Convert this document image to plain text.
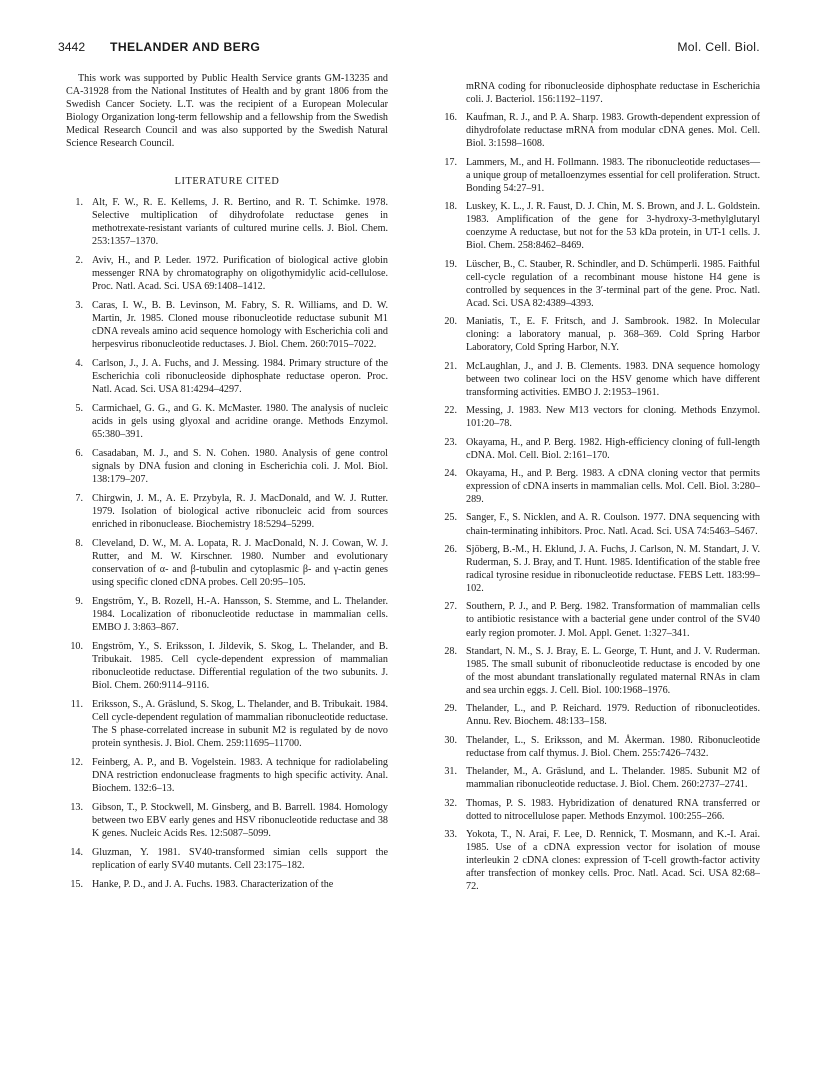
3442 THELANDER AND BERG	Mol. Cell. Biol.

This work was supported by Public Health Service grants GM-13235 and CA-31928 from the National Institutes of Health and by grant 1806 from the Swedish Cancer Society. L.T. was the recipient of a European Molecular Biology Organization long-term fellowship and a fellowship from the Swedish Medical Research Council and was also supported by the Swedish Natural Science Research Council.

LITERATURE CITED
1. Alt, F. W., R. E. Kellems, J. R. Bertino, and R. T. Schimke. 1978. Selective multiplication of dihydrofolate reductase genes in methotrexate-resistant variants of cultured murine cells. J. Biol. Chem. 253:1357–1370.
2. Aviv, H., and P. Leder. 1972. Purification of biological active globin messenger RNA by chromatography on oligothymidylic acid-cellulose. Proc. Natl. Acad. Sci. USA 69:1408–1412.
3. Caras, I. W., B. B. Levinson, M. Fabry, S. R. Williams, and D. W. Martin, Jr. 1985. Cloned mouse ribonucleotide reductase subunit M1 cDNA reveals amino acid sequence homology with Escherichia coli and herpesvirus ribonucleotide reductases. J. Biol. Chem. 260:7015–7022.
4. Carlson, J., J. A. Fuchs, and J. Messing. 1984. Primary structure of the Escherichia coli ribonucleoside diphosphate reductase operon. Proc. Natl. Acad. Sci. USA 81:4294–4297.
5. Carmichael, G. G., and G. K. McMaster. 1980. The analysis of nucleic acids in gels using glyoxal and acridine orange. Methods Enzymol. 65:380–391.
6. Casadaban, M. J., and S. N. Cohen. 1980. Analysis of gene control signals by DNA fusion and cloning in Escherichia coli. J. Mol. Biol. 138:179–207.
7. Chirgwin, J. M., A. E. Przybyla, R. J. MacDonald, and W. J. Rutter. 1979. Isolation of biological active ribonucleic acid from sources enriched in ribonuclease. Biochemistry 18:5294–5299.
8. Cleveland, D. W., M. A. Lopata, R. J. MacDonald, N. J. Cowan, W. J. Rutter, and M. W. Kirschner. 1980. Number and evolutionary conservation of α- and β-tubulin and cytoplasmic β- and γ-actin genes using specific cloned cDNA probes. Cell 20:95–105.
9. Engström, Y., B. Rozell, H.-A. Hansson, S. Stemme, and L. Thelander. 1984. Localization of ribonucleotide reductase in mammalian cells. EMBO J. 3:863–867.
10. Engström, Y., S. Eriksson, I. Jildevik, S. Skog, L. Thelander, and B. Tribukait. 1985. Cell cycle-dependent expression of mammalian ribonucleotide reductase. Differential regulation of the two subunits. J. Biol. Chem. 260:9114–9116.
11. Eriksson, S., A. Gräslund, S. Skog, L. Thelander, and B. Tribukait. 1984. Cell cycle-dependent regulation of mammalian ribonucleotide reductase. The S phase-correlated increase in subunit M2 is regulated by de novo protein synthesis. J. Biol. Chem. 259:11695–11700.
12. Feinberg, A. P., and B. Vogelstein. 1983. A technique for radiolabeling DNA restriction endonuclease fragments to high specific activity. Anal. Biochem. 132:6–13.
13. Gibson, T., P. Stockwell, M. Ginsberg, and B. Barrell. 1984. Homology between two EBV early genes and HSV ribonucleotide reductase and 38 K genes. Nucleic Acids Res. 12:5087–5099.
14. Gluzman, Y. 1981. SV40-transformed simian cells support the replication of early SV40 mutants. Cell 23:175–182.
15. Hanke, P. D., and J. A. Fuchs. 1983. Characterization of the
mRNA coding for ribonucleoside diphosphate reductase in Escherichia coli. J. Bacteriol. 156:1192–1197.
16. Kaufman, R. J., and P. A. Sharp. 1983. Growth-dependent expression of dihydrofolate reductase mRNA from modular cDNA genes. Mol. Cell. Biol. 3:1598–1608.
17. Lammers, M., and H. Follmann. 1983. The ribonucleotide reductases—a unique group of metalloenzymes essential for cell proliferation. Struct. Bonding 54:27–91.
18. Luskey, K. L., J. R. Faust, D. J. Chin, M. S. Brown, and J. L. Goldstein. 1983. Amplification of the gene for 3-hydroxy-3-methylglutaryl coenzyme A reductase, but not for the 53 kDa protein, in UT-1 cells. J. Biol. Chem. 258:8462–8469.
19. Lüscher, B., C. Stauber, R. Schindler, and D. Schümperli. 1985. Faithful cell-cycle regulation of a recombinant mouse histone H4 gene is controlled by sequences in the 3′-terminal part of the gene. Proc. Natl. Acad. Sci. USA 82:4389–4393.
20. Maniatis, T., E. F. Fritsch, and J. Sambrook. 1982. In Molecular cloning: a laboratory manual, p. 368–369. Cold Spring Harbor Laboratory, Cold Spring Harbor, N.Y.
21. McLaughlan, J., and J. B. Clements. 1983. DNA sequence homology between two colinear loci on the HSV genome which have different transforming activities. EMBO J. 2:1953–1961.
22. Messing, J. 1983. New M13 vectors for cloning. Methods Enzymol. 101:20–78.
23. Okayama, H., and P. Berg. 1982. High-efficiency cloning of full-length cDNA. Mol. Cell. Biol. 2:161–170.
24. Okayama, H., and P. Berg. 1983. A cDNA cloning vector that permits expression of cDNA inserts in mammalian cells. Mol. Cell. Biol. 3:280–289.
25. Sanger, F., S. Nicklen, and A. R. Coulson. 1977. DNA sequencing with chain-terminating inhibitors. Proc. Natl. Acad. Sci. USA 74:5463–5467.
26. Sjöberg, B.-M., H. Eklund, J. A. Fuchs, J. Carlson, N. M. Standart, J. V. Ruderman, S. J. Bray, and T. Hunt. 1985. Identification of the stable free radical tyrosine residue in ribonucleotide reductase. FEBS Lett. 183:99–102.
27. Southern, P. J., and P. Berg. 1982. Transformation of mammalian cells to antibiotic resistance with a bacterial gene under control of the SV40 early region promoter. J. Mol. Appl. Genet. 1:327–341.
28. Standart, N. M., S. J. Bray, E. L. George, T. Hunt, and J. V. Ruderman. 1985. The small subunit of ribonucleotide reductase is encoded by one of the most abundant translationally regulated maternal RNAs in clam and sea urchin eggs. J. Cell. Biol. 100:1968–1976.
29. Thelander, L., and P. Reichard. 1979. Reduction of ribonucleotides. Annu. Rev. Biochem. 48:133–158.
30. Thelander, L., S. Eriksson, and M. Åkerman. 1980. Ribonucleotide reductase from calf thymus. J. Biol. Chem. 255:7426–7432.
31. Thelander, M., A. Gräslund, and L. Thelander. 1985. Subunit M2 of mammalian ribonucleotide reductase. J. Biol. Chem. 260:2737–2741.
32. Thomas, P. S. 1983. Hybridization of denatured RNA transferred or dotted to nitrocellulose paper. Methods Enzymol. 100:255–266.
33. Yokota, T., N. Arai, F. Lee, D. Rennick, T. Mosmann, and K.-I. Arai. 1985. Use of a cDNA expression vector for isolation of mouse interleukin 2 cDNA clones: expression of T-cell growth-factor activity after transfection of monkey cells. Proc. Natl. Acad. Sci. USA 82:68–72.
